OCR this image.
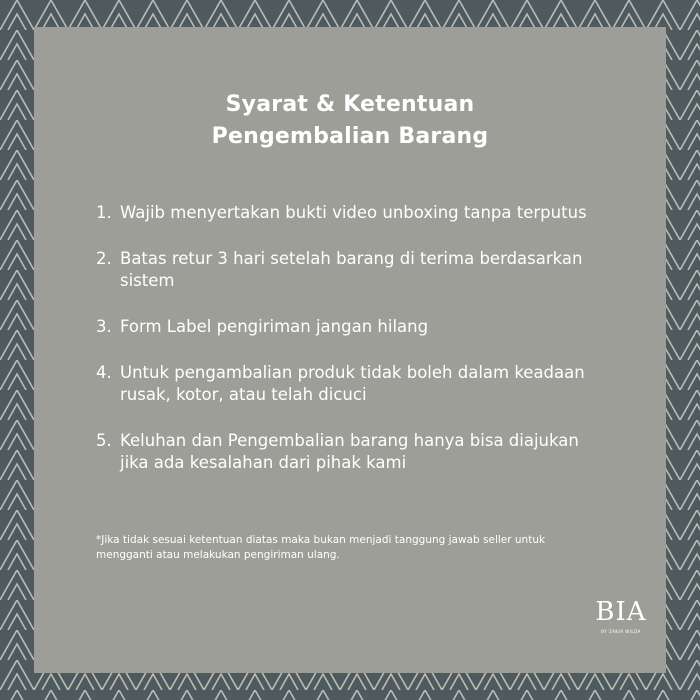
Syarat & Ketentuan
Pengembalian Barang
1. Wajib menyertakan bukti video unboxing tanpa terputus
2. Batas retur 3 hari setelah barang di terima berdasarkan sistem
3. Form Label pengiriman jangan hilang
4. Untuk pengambalian produk tidak boleh dalam keadaan rusak, kotor, atau telah dicuci
5. Keluhan dan Pengembalian barang hanya bisa diajukan jika ada kesalahan dari pihak kami
*Jika tidak sesuai ketentuan diatas maka bukan menjadi tanggung jawab seller untuk mengganti atau melakukan pengiriman ulang.
BIA
BY ZAKIA WILDA
